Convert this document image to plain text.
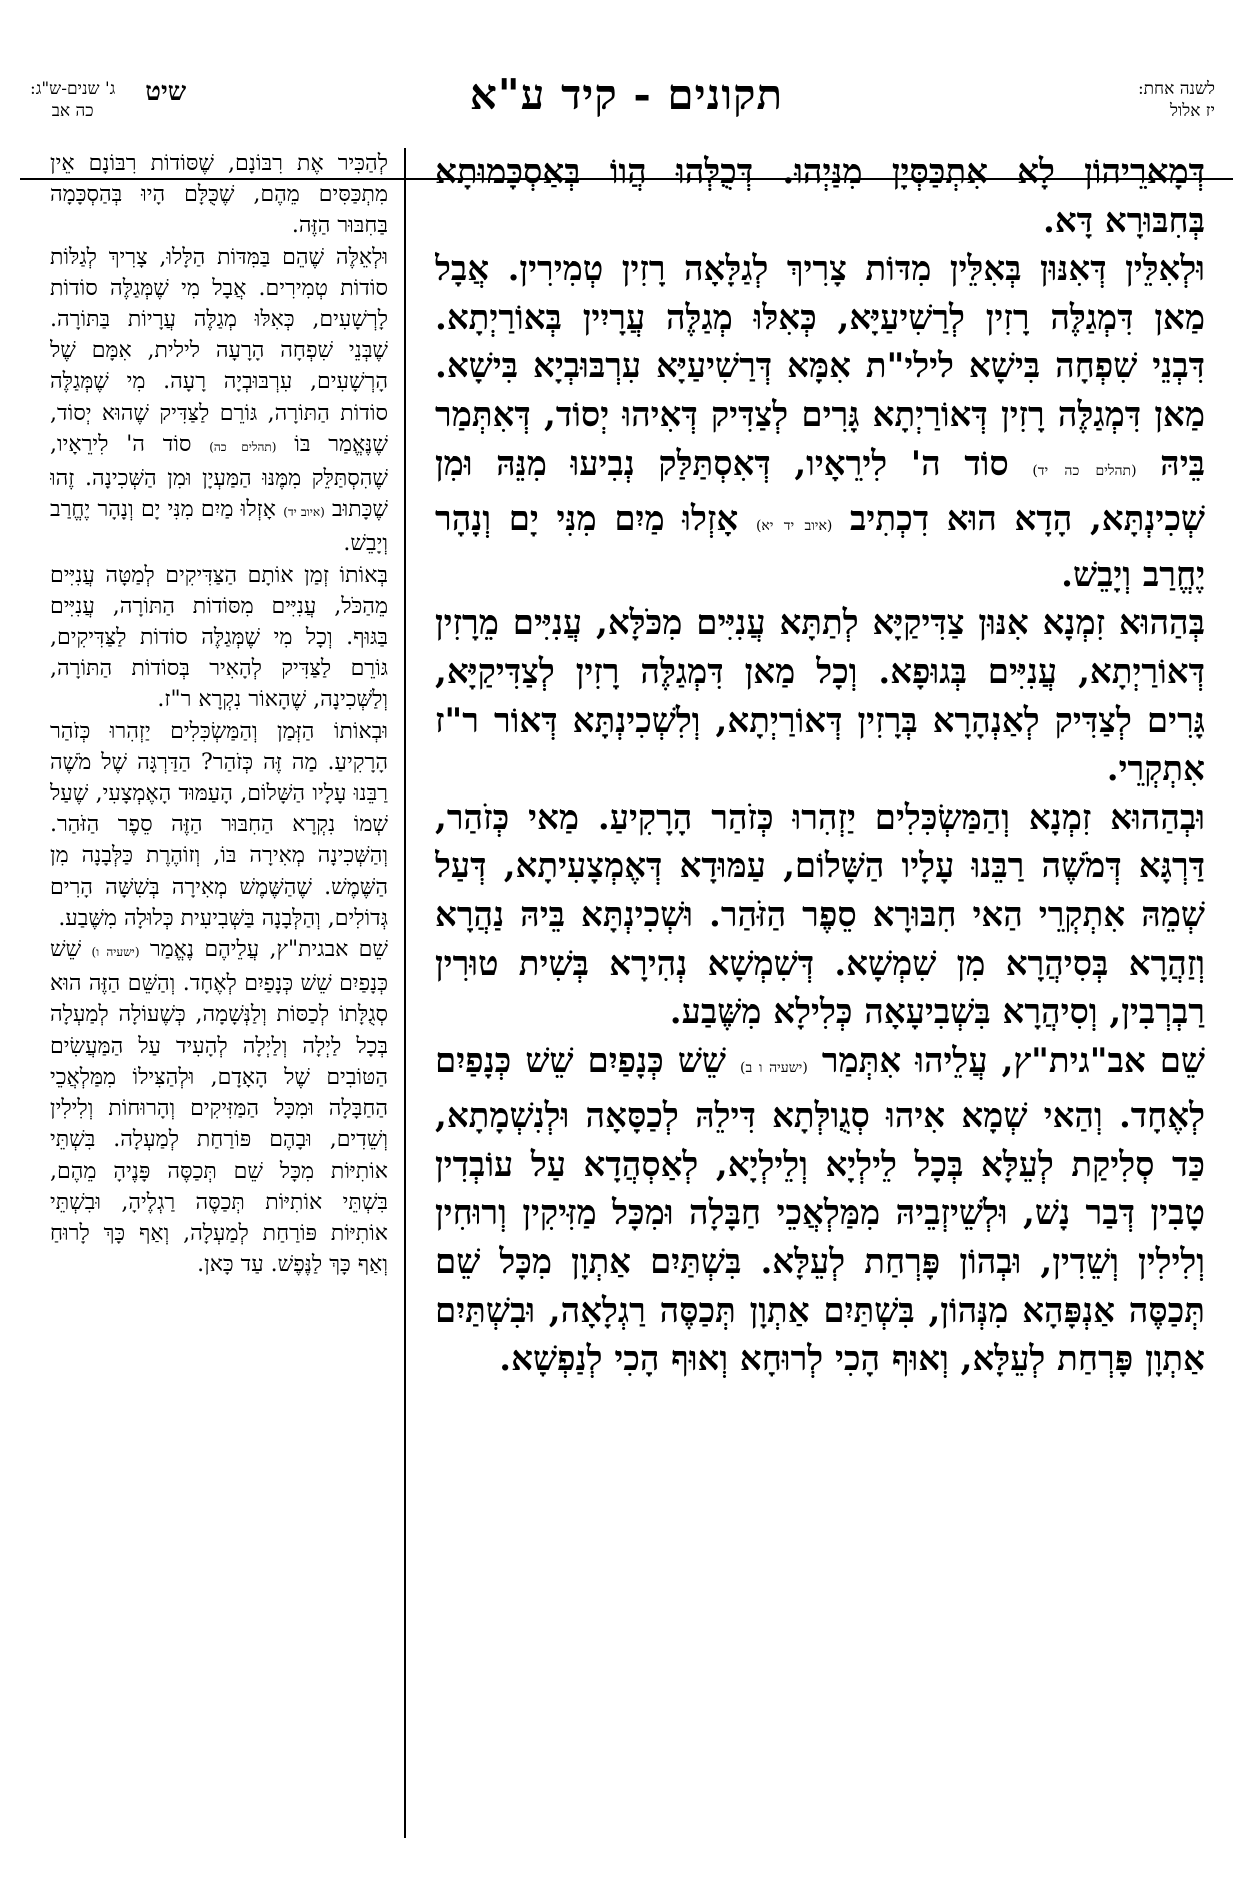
לשנה אחת:
יז אלול
תקונים - קיד ע"א
ג' שנים-ש"ג:
כה אב
שיט

דְּמָארֵיהוֹן לָא אִתְכַּסְּיָן מִנַּיְהוּ. דְּכֻלְּהוּ הֲווֹ בְּאַסְכָּמוּתָא בְּחִבּוּרָא דָּא.

וּלְאִלֵּין דְּאִנּוּן בְּאִלֵּין מִדּוֹת צָרִיךְ לְגַלָּאָה רָזִין טְמִירִין. אֲבָל מַאן דִּמְגַלֶּה רָזִין לְרַשִׁיעַיָּא, כְּאִלּוּ מְגַלֶּה עֲרָיִין בְּאוֹרַיְתָא. דִּבְנֵי שִׁפְחָה בִּישָׁא לילי"ת אִמָּא דְּרַשִׁיעַיָּא עִרְבּוּבְיָא בִּישָׁא. מַאן דִּמְגַלֶּה רָזִין דְּאוֹרַיְתָא גָּרִים לְצַדִּיק דְּאִיהוּ יְסוֹד, דְּאִתְּמַר בֵּיהּ (תהלים כה יד) סוֹד ה' לִירֵאָיו, דְּאִסְתַּלַּק נְבִיעוּ מִנֵּהּ וּמִן שְׁכִינְתָּא, הָדָא הוּא דִכְתִיב (איוב יד יא) אָזְלוּ מַיִם מִנִּי יָם וְנָהָר יֶחֱרַב וְיָבֵשׁ.

בְּהַהוּא זִמְנָא אִנּוּן צַדִּיקַיָּא לְתַתָּא עֲנִיִּים מִכֹּלָּא, עֲנִיִּים מֵרָזִין דְּאוֹרַיְתָא, עֲנִיִּים בְּגוּפָא. וְכָל מַאן דִּמְגַלֶּה רָזִין לְצַדִּיקַיָּא, גָּרִים לְצַדִּיק לְאַנְהָרָא בְּרָזִין דְּאוֹרַיְתָא, וְלִשְׁכִינְתָּא דְּאוֹר ר"ז אִתְקְרֵי.

וּבְהַהוּא זִמְנָא וְהַמַּשְׂכִּלִים יַזְהִרוּ כְּזֹהַר הָרָקִיעַ. מַאי כְּזֹהַר, דַּרְגָּא דְּמֹשֶׁה רַבֵּנוּ עָלָיו הַשָּׁלוֹם, עַמּוּדָא דְּאֶמְצָעִיתָא, דְּעַל שְׁמֵהּ אִתְקְרֵי הַאי חִבּוּרָא סֵפֶר הַזֹּהַר. וּשְׁכִינְתָּא בֵּיהּ נַהֲרָא וְזַהֲרָא בְּסִיהֲרָא מִן שִׁמְשָׁא. דְּשִׁמְשָׁא נְהִירָא בְּשִׁית טוּרִין רַבְרְבִין, וְסִיהֲרָא בִּשְׁבִיעָאָה כְּלִילָא מִשֶּׁבַע.

שֵׁם אב"גית"ץ, עֲלֵיהוּ אִתְּמַר (ישעיה ו ב) שֵׁשׁ כְּנָפַיִם שֵׁשׁ כְּנָפַיִם לְאֶחָד. וְהַאי שְׁמָא אִיהוּ סְגֻולְּתָא דִּילֵהּ לְכַסָּאָה וּלְנִשְׁמָתָא, כַּד סְלִיקַת לְעֵלָּא בְּכָל לֵילְיָא וְלֵילְיָא, לְאַסְהֲדָא עַל עוֹבְדִין טָבִין דְּבַר נָשׁ, וּלְשֵׁיזְבֵיהּ מִמַּלְאֲכֵי חַבָּלָה וּמִכָּל מַזִּיקִין וְרוּחִין וְלִילִין וְשֵׁדִין, וּבְהוֹן פָּרְחַת לְעֵלָּא. בִּשְׁתַּיִם אַתְוָן מִכָּל שֵׁם תְּכַסֶּה אַנְפָּהָא מִנְּהוֹן, בִּשְׁתַּיִם אַתְוָן תְּכַסֶּה רַגְלָאָה, וּבִשְׁתַּיִם אַתְוָן פָּרְחַת לְעֵלָּא, וְאוּף הָכִי לְרוּחָא וְאוּף הָכִי לְנַפְשָׁא.

לְהַכִּיר אֶת רִבּוֹנָם, שֶׁסּוֹדוֹת רִבּוֹנָם אֵין מִתְכַּסִּים מֵהֶם, שֶׁכֻּלָּם הָיוּ בְּהַסְכָּמָה בַּחִבּוּר הַזֶּה.

וּלְאֵלֶּה שֶׁהֵם בַּמִּדּוֹת הַלָּלוּ, צָרִיךְ לְגַלּוֹת סוֹדוֹת טְמִירִים. אֲבָל מִי שֶׁמְּגַלֶּה סוֹדוֹת לָרְשָׁעִים, כְּאִלּוּ מְגַלֶּה עֲרָיוֹת בַּתּוֹרָה. שֶׁבְּנֵי שִׁפְחָה הָרָעָה לילית, אִמָּם שֶׁל הָרְשָׁעִים, עִרְבּוּבְיָה רָעָה. מִי שֶׁמְּגַלֶּה סוֹדוֹת הַתּוֹרָה, גּוֹרֵם לַצַּדִּיק שֶׁהוּא יְסוֹד, שֶׁנֶּאֱמַר בּוֹ (תהלים כה) סוֹד ה' לִירֵאָיו, שֶׁהִסְתַּלֵּק מִמֶּנּוּ הַמַּעְיָן וּמִן הַשְּׁכִינָה. זֶהוּ שֶׁכָּתוּב (איוב יד) אָזְלוּ מַיִם מִנִּי יָם וְנָהָר יֶחֱרַב וְיָבֵשׁ.

בְּאוֹתוֹ זְמַן אוֹתָם הַצַּדִּיקִים לְמַטָּה עֲנִיִּים מֵהַכֹּל, עֲנִיִּים מִסּוֹדוֹת הַתּוֹרָה, עֲנִיִּים בַּגּוּף. וְכָל מִי שֶׁמְּגַלֶּה סוֹדוֹת לַצַּדִּיקִים, גּוֹרֵם לַצַּדִּיק לְהָאִיר בְּסוֹדוֹת הַתּוֹרָה, וְלַשְּׁכִינָה, שֶׁהָאוֹר נִקְרָא ר"ז.

וּבְאוֹתוֹ הַזְּמַן וְהַמַּשְׂכִּלִים יַזְהִרוּ כְּזֹהַר הָרָקִיעַ. מַה זֶּה כְּזֹהַר? הַדַּרְגָּה שֶׁל מֹשֶׁה רַבֵּנוּ עָלָיו הַשָּׁלוֹם, הָעַמּוּד הָאֶמְצָעִי, שֶׁעַל שְׁמוֹ נִקְרָא הַחִבּוּר הַזֶּה סֵפֶר הַזֹּהַר. וְהַשְּׁכִינָה מְאִירָה בּוֹ, וְזוֹהֶרֶת כַּלְּבָנָה מִן הַשֶּׁמֶשׁ. שֶׁהַשֶּׁמֶשׁ מְאִירָה בְּשִׁשָּׁה הָרִים גְּדוֹלִים, וְהַלְּבָנָה בַּשְּׁבִיעִית כְּלוּלָה מִשֶּׁבַע.

שֵׁם אבגית"ץ, עֲלֵיהֶם נֶאֱמַר (ישעיה ו) שֵׁשׁ כְּנָפַיִם שֵׁשׁ כְּנָפַיִם לְאֶחָד. וְהַשֵּׁם הַזֶּה הוּא סְגֻלָּתוֹ לְכַסּוֹת וְלַנְּשָׁמָה, כְּשֶׁעוֹלָה לְמַעְלָה בְּכָל לַיְלָה וְלַיְלָה לְהָעִיד עַל הַמַּעֲשִׂים הַטּוֹבִים שֶׁל הָאָדָם, וּלְהַצִּילוֹ מִמַּלְאֲכֵי הַחַבָּלָה וּמִכָּל הַמַּזִּיקִים וְהָרוּחוֹת וְלִילִין וְשֵׁדִים, וּבָהֶם פּוֹרַחַת לְמַעְלָה. בִּשְׁתֵּי אוֹתִיּוֹת מִכָּל שֵׁם תְּכַסֶּה פָּנֶיהָ מֵהֶם, בִּשְׁתֵּי אוֹתִיּוֹת תְּכַסֶּה רַגְלֶיהָ, וּבִשְׁתֵּי אוֹתִיּוֹת פּוֹרַחַת לְמַעְלָה, וְאַף כָּךְ לָרוּחַ וְאַף כָּךְ לַנֶּפֶשׁ. עַד כָּאן.
